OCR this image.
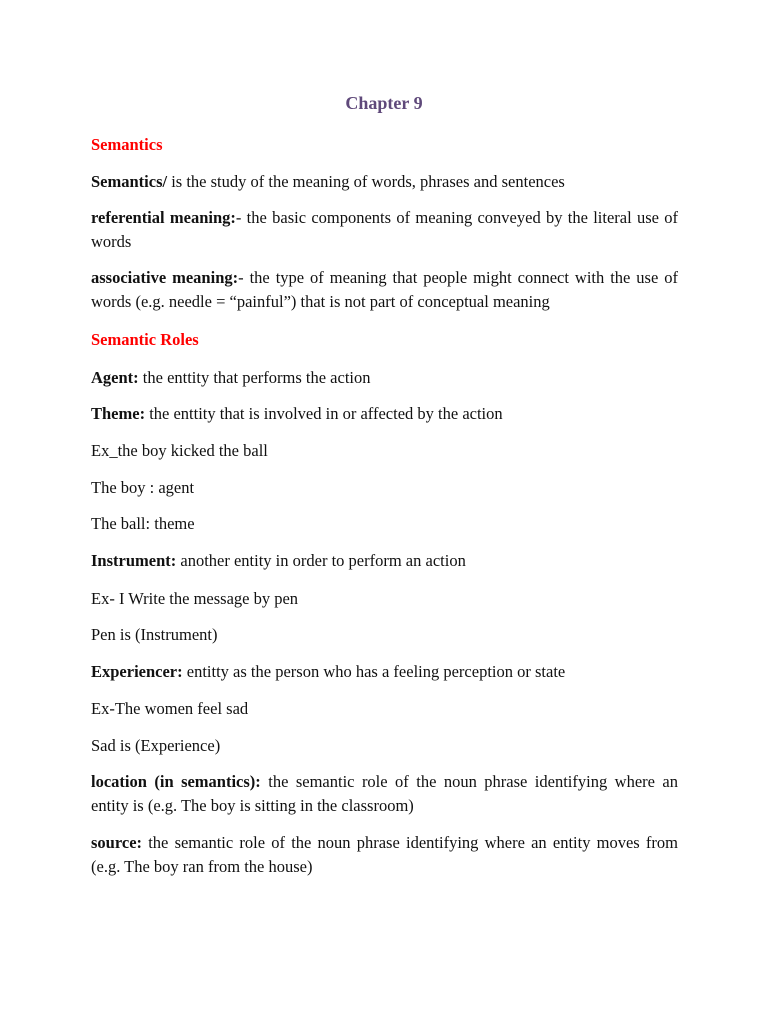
Chapter 9

Semantics

Semantics/ is the study of the meaning of words, phrases and sentences

referential meaning:- the basic components of meaning conveyed by the literal use of words

associative meaning:- the type of meaning that people might connect with the use of words (e.g. needle = “painful”) that is not part of conceptual meaning

Semantic Roles

Agent: the enttity that performs the action

Theme: the enttity that is involved in or affected by the action

Ex_the boy kicked the ball

The boy : agent

The ball: theme

Instrument: another entity in order to perform an action

Ex- I Write the message by pen

Pen is (Instrument)

Experiencer: entitty as the person who has a feeling perception or state

Ex-The women feel sad

Sad is (Experience)

location (in semantics): the semantic role of the noun phrase identifying where an entity is (e.g. The boy is sitting in the classroom)

source: the semantic role of the noun phrase identifying where an entity moves from (e.g. The boy ran from the house)
